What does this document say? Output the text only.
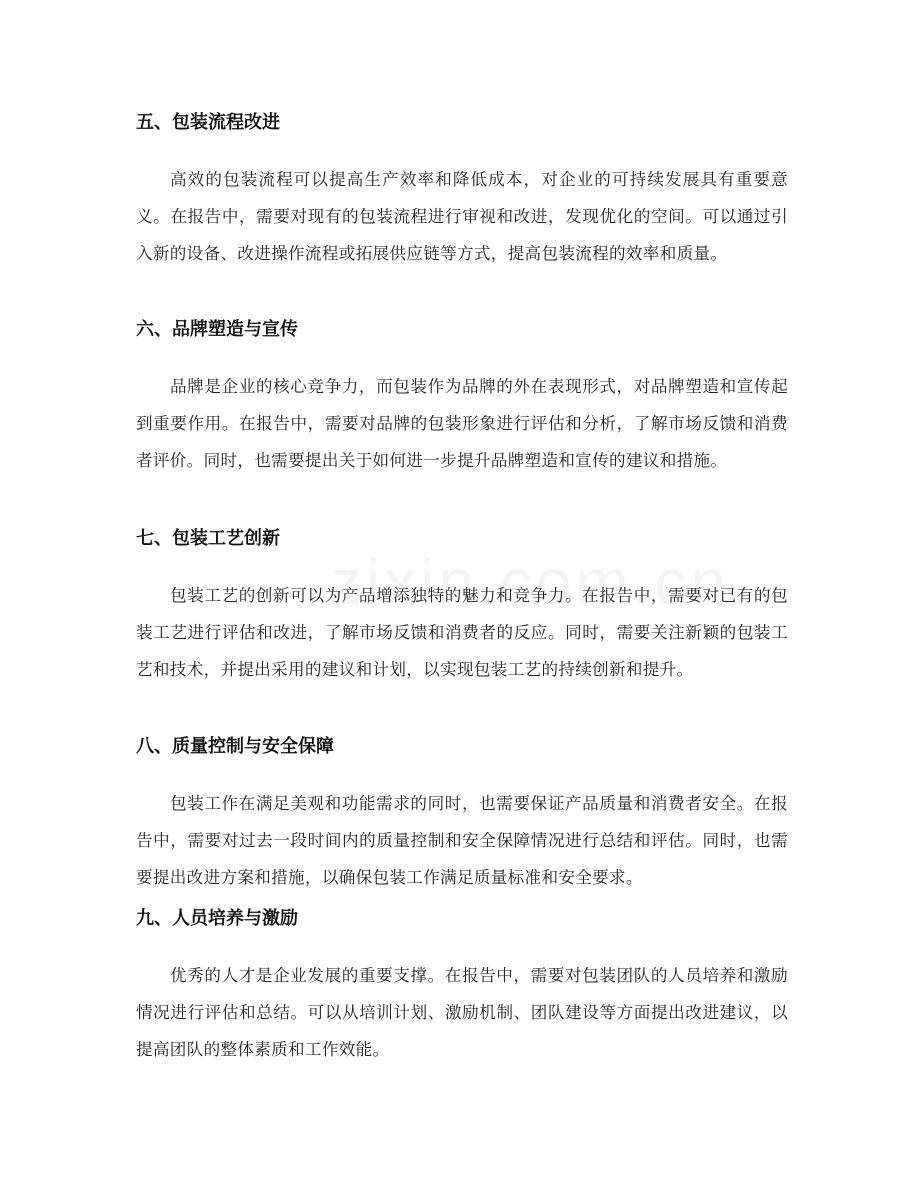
五、包装流程改进

高效的包装流程可以提高生产效率和降低成本，对企业的可持续发展具有重要意义。在报告中，需要对现有的包装流程进行审视和改进，发现优化的空间。可以通过引入新的设备、改进操作流程或拓展供应链等方式，提高包装流程的效率和质量。

六、品牌塑造与宣传

品牌是企业的核心竞争力，而包装作为品牌的外在表现形式，对品牌塑造和宣传起到重要作用。在报告中，需要对品牌的包装形象进行评估和分析，了解市场反馈和消费者评价。同时，也需要提出关于如何进一步提升品牌塑造和宣传的建议和措施。

七、包装工艺创新

包装工艺的创新可以为产品增添独特的魅力和竞争力。在报告中，需要对已有的包装工艺进行评估和改进，了解市场反馈和消费者的反应。同时，需要关注新颖的包装工艺和技术，并提出采用的建议和计划，以实现包装工艺的持续创新和提升。

八、质量控制与安全保障

包装工作在满足美观和功能需求的同时，也需要保证产品质量和消费者安全。在报告中，需要对过去一段时间内的质量控制和安全保障情况进行总结和评估。同时，也需要提出改进方案和措施，以确保包装工作满足质量标准和安全要求。

九、人员培养与激励

优秀的人才是企业发展的重要支撑。在报告中，需要对包装团队的人员培养和激励情况进行评估和总结。可以从培训计划、激励机制、团队建设等方面提出改进建议，以提高团队的整体素质和工作效能。
